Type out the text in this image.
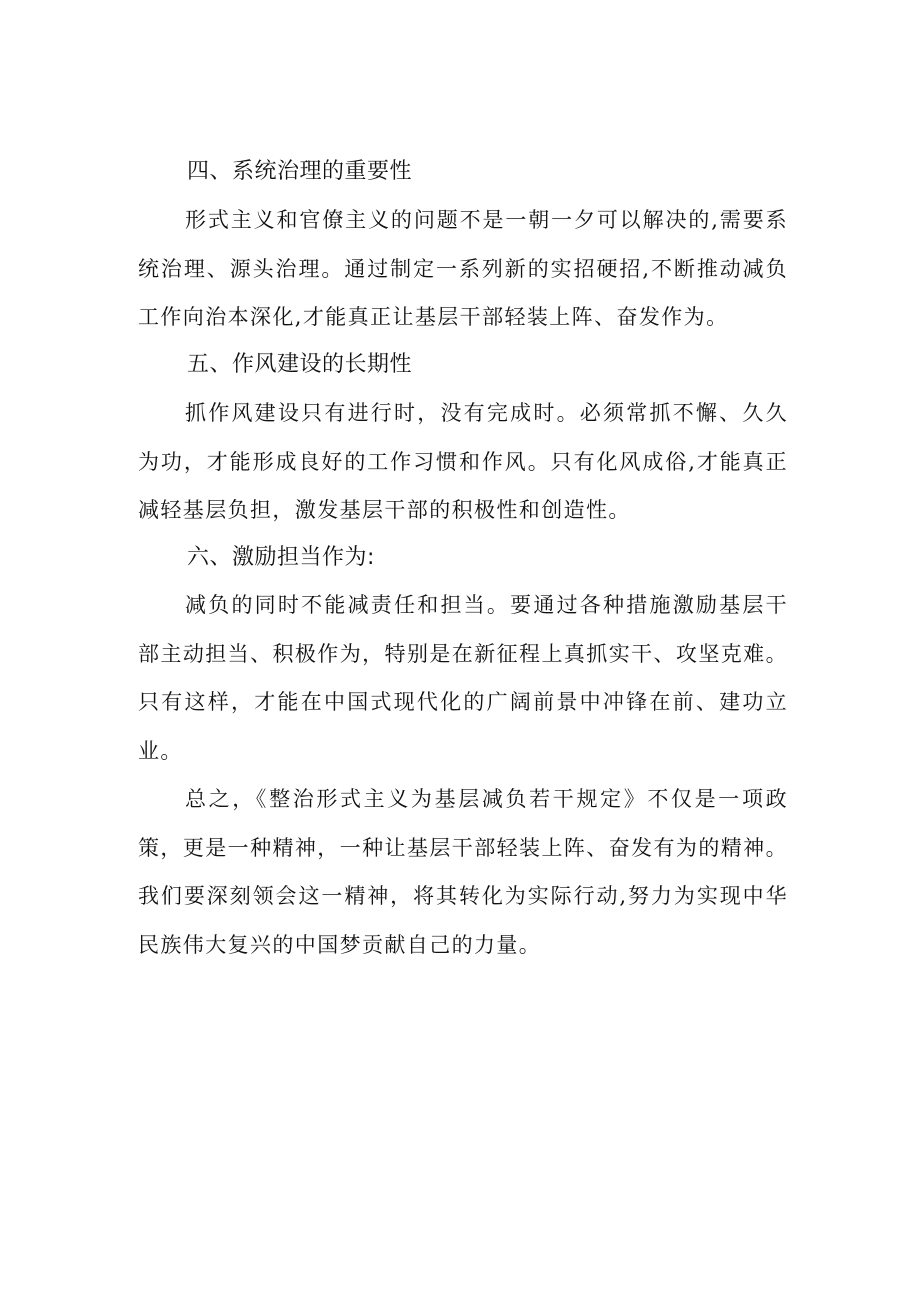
四、系统治理的重要性
形式主义和官僚主义的问题不是一朝一夕可以解决的,需要系统治理、源头治理。通过制定一系列新的实招硬招,不断推动减负工作向治本深化,才能真正让基层干部轻装上阵、奋发作为。
五、作风建设的长期性
抓作风建设只有进行时，没有完成时。必须常抓不懈、久久为功，才能形成良好的工作习惯和作风。只有化风成俗,才能真正减轻基层负担，激发基层干部的积极性和创造性。
六、激励担当作为:
减负的同时不能减责任和担当。要通过各种措施激励基层干部主动担当、积极作为，特别是在新征程上真抓实干、攻坚克难。只有这样，才能在中国式现代化的广阔前景中冲锋在前、建功立业。
总之，《整治形式主义为基层减负若干规定》不仅是一项政策，更是一种精神，一种让基层干部轻装上阵、奋发有为的精神。我们要深刻领会这一精神，将其转化为实际行动,努力为实现中华民族伟大复兴的中国梦贡献自己的力量。
